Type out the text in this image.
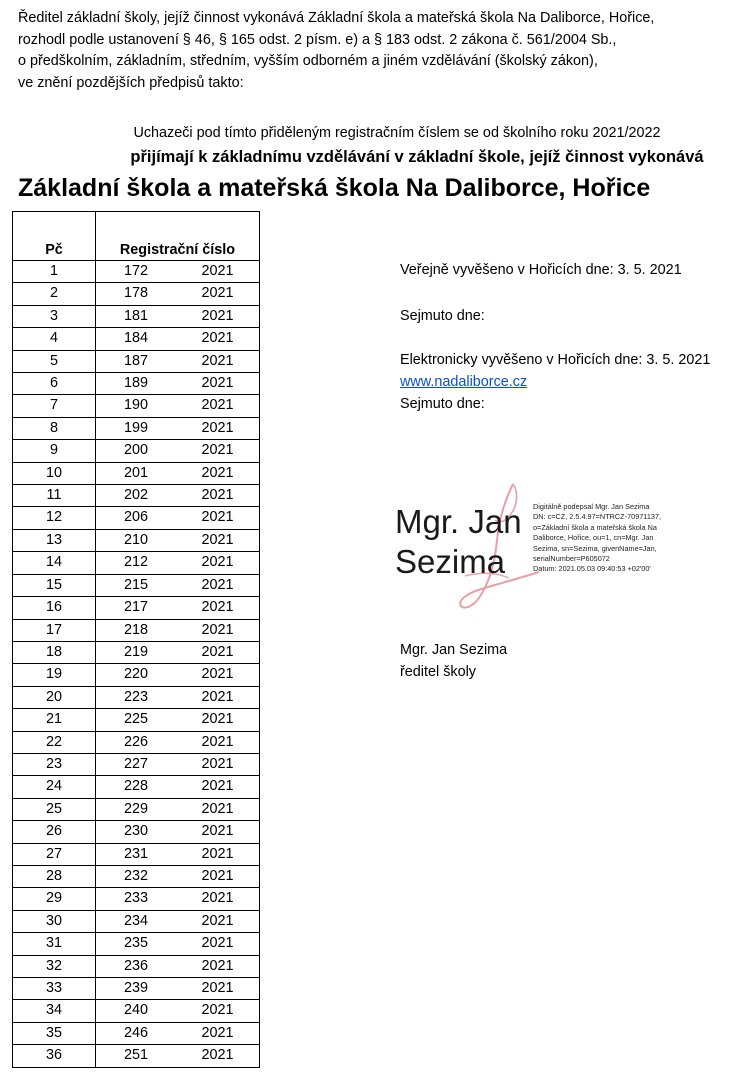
Ředitel základní školy, jejíž činnost vykonává Základní škola a mateřská škola Na Daliborce, Hořice,

rozhodl podle ustanovení § 46, § 165 odst. 2 písm. e) a § 183 odst. 2 zákona č. 561/2004 Sb.,

o předškolním, základním, středním, vyšším odborném a jiném vzdělávání (školský zákon),

ve znění pozdějších předpisů takto:

Uchazeči pod tímto přiděleným registračním číslem se od školního roku 2021/2022
přijímají k základnímu vzdělávání v základní škole, jejíž činnost vykonává
Základní škola a mateřská škola Na Daliborce, Hořice
Pč	Registrační číslo	
1	172	2021
2	178	2021
3	181	2021
4	184	2021
5	187	2021
6	189	2021
7	190	2021
8	199	2021
9	200	2021
10	201	2021
11	202	2021
12	206	2021
13	210	2021
14	212	2021
15	215	2021
16	217	2021
17	218	2021
18	219	2021
19	220	2021
20	223	2021
21	225	2021
22	226	2021
23	227	2021
24	228	2021
25	229	2021
26	230	2021
27	231	2021
28	232	2021
29	233	2021
30	234	2021
31	235	2021
32	236	2021
33	239	2021
34	240	2021
35	246	2021
36	251	2021
Veřejně vyvěšeno v Hořicích dne: 3. 5. 2021
Sejmuto dne:
Elektronicky vyvěšeno v Hořicích dne: 3. 5. 2021
www.nadaliborce.cz
Sejmuto dne:
Mgr. Jan
Sezima
Digitálně podepsal Mgr. Jan Sezima
DN: c=CZ, 2.5.4.97=NTRCZ-70971137,
o=Základní škola a mateřská škola Na
Daliborce, Hořice, ou=1, cn=Mgr. Jan
Sezima, sn=Sezima, givenName=Jan,
serialNumber=P605072
Datum: 2021.05.03 09:40:53 +02'00'
Mgr. Jan Sezima
ředitel školy
